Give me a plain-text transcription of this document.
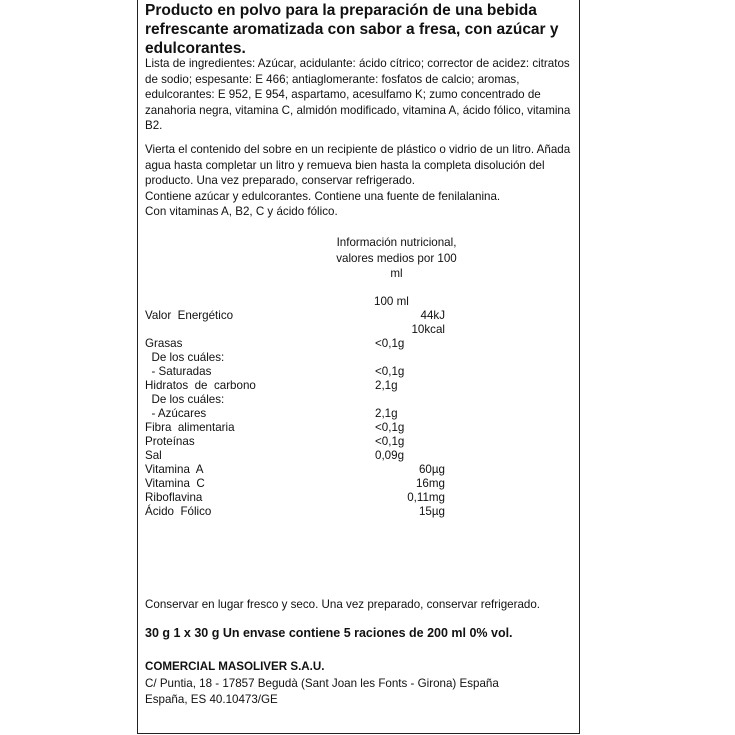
Producto en polvo para la preparación de una bebida refrescante aromatizada con sabor a fresa, con azúcar y edulcorantes.
Lista de ingredientes: Azúcar, acidulante: ácido cítrico; corrector de acidez: citratos de sodio; espesante: E 466; antiaglomerante: fosfatos de calcio; aromas, edulcorantes: E 952, E 954, aspartamo, acesulfamo K; zumo concentrado de zanahoria negra, vitamina C, almidón modificado, vitamina A, ácido fólico, vitamina B2.
Vierta el contenido del sobre en un recipiente de plástico o vidrio de un litro. Añada agua hasta completar un litro y remueva bien hasta la completa disolución del producto. Una vez preparado, conservar refrigerado.
Contiene azúcar y edulcorantes. Contiene una fuente de fenilalanina.
Con vitaminas A, B2, C y ácido fólico.
Información nutricional, valores medios por 100 ml
100 ml
Valor  Energético	44kJ
10kcal
Grasas	<0,1g
De los cuáles:
- Saturadas	<0,1g
Hidratos  de  carbono	2,1g
De los cuáles:
- Azúcares	2,1g
Fibra  alimentaria	<0,1g
Proteínas	<0,1g
Sal	0,09g
Vitamina  A	60µg
Vitamina  C	16mg
Riboflavina	0,11mg
Ácido  Fólico	15µg
Conservar en lugar fresco y seco. Una vez preparado, conservar refrigerado.
30 g 1 x 30 g Un envase contiene 5 raciones de 200 ml 0% vol.
COMERCIAL MASOLIVER S.A.U.
C/ Puntia, 18 - 17857 Begudà (Sant Joan les Fonts - Girona) España
España, ES 40.10473/GE
